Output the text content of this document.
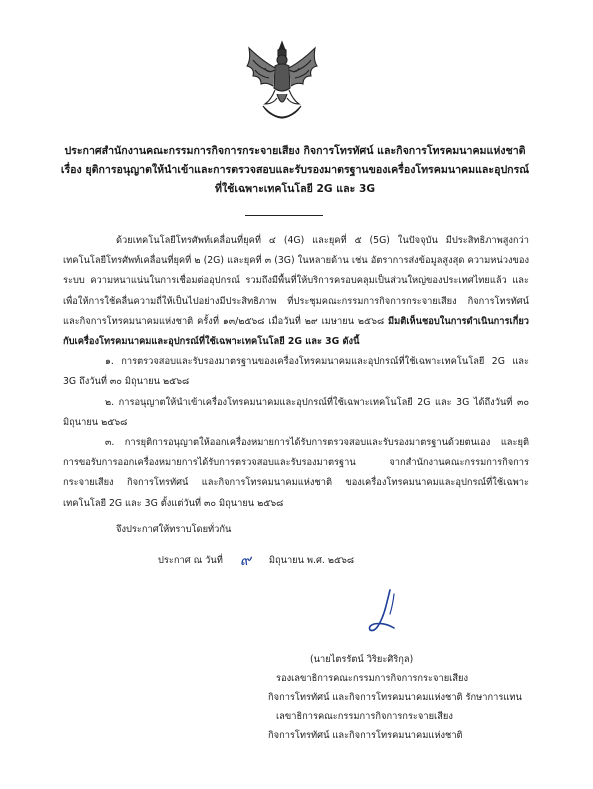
ประกาศสำนักงานคณะกรรมการกิจการกระจายเสียง กิจการโทรทัศน์ และกิจการโทรคมนาคมแห่งชาติ
เรื่อง ยุติการอนุญาตให้นำเข้าและการตรวจสอบและรับรองมาตรฐานของเครื่องโทรคมนาคมและอุปกรณ์
ที่ใช้เฉพาะเทคโนโลยี 2G และ 3G

ด้วยเทคโนโลยีโทรศัพท์เคลื่อนที่ยุคที่ ๔ (4G) และยุคที่ ๕ (5G) ในปัจจุบัน มีประสิทธิภาพสูงกว่าเทคโนโลยีโทรศัพท์เคลื่อนที่ยุคที่ ๒ (2G) และยุคที่ ๓ (3G) ในหลายด้าน เช่น อัตราการส่งข้อมูลสูงสุด ความหน่วงของระบบ ความหนาแน่นในการเชื่อมต่ออุปกรณ์ รวมถึงมีพื้นที่ให้บริการครอบคลุมเป็นส่วนใหญ่ของประเทศไทยแล้ว และเพื่อให้การใช้คลื่นความถี่ให้เป็นไปอย่างมีประสิทธิภาพ ที่ประชุมคณะกรรมการกิจการกระจายเสียง กิจการโทรทัศน์ และกิจการโทรคมนาคมแห่งชาติ ครั้งที่ ๑๓/๒๕๖๘ เมื่อวันที่ ๒๙ เมษายน ๒๕๖๘ มีมติเห็นชอบในการดำเนินการเกี่ยวกับเครื่องโทรคมนาคมและอุปกรณ์ที่ใช้เฉพาะเทคโนโลยี 2G และ 3G ดังนี้

๑. การตรวจสอบและรับรองมาตรฐานของเครื่องโทรคมนาคมและอุปกรณ์ที่ใช้เฉพาะเทคโนโลยี 2G และ 3G ถึงวันที่ ๓๐ มิถุนายน ๒๕๖๘

๒. การอนุญาตให้นำเข้าเครื่องโทรคมนาคมและอุปกรณ์ที่ใช้เฉพาะเทคโนโลยี 2G และ 3G ได้ถึงวันที่ ๓๐ มิถุนายน ๒๕๖๘

๓. การยุติการอนุญาตให้ออกเครื่องหมายการได้รับการตรวจสอบและรับรองมาตรฐานด้วยตนเอง และยุติการขอรับการออกเครื่องหมายการได้รับการตรวจสอบและรับรองมาตรฐาน จากสำนักงานคณะกรรมการกิจการกระจายเสียง กิจการโทรทัศน์ และกิจการโทรคมนาคมแห่งชาติ ของเครื่องโทรคมนาคมและอุปกรณ์ที่ใช้เฉพาะเทคโนโลยี 2G และ 3G ตั้งแต่วันที่ ๓๐ มิถุนายน ๒๕๖๘

จึงประกาศให้ทราบโดยทั่วกัน

ประกาศ ณ วันที่ ๙ มิถุนายน พ.ศ. ๒๕๖๘
(นายไตรรัตน์ วิริยะศิริกุล)
รองเลขาธิการคณะกรรมการกิจการกระจายเสียง
กิจการโทรทัศน์ และกิจการโทรคมนาคมแห่งชาติ รักษาการแทน
เลขาธิการคณะกรรมการกิจการกระจายเสียง
กิจการโทรทัศน์ และกิจการโทรคมนาคมแห่งชาติ
